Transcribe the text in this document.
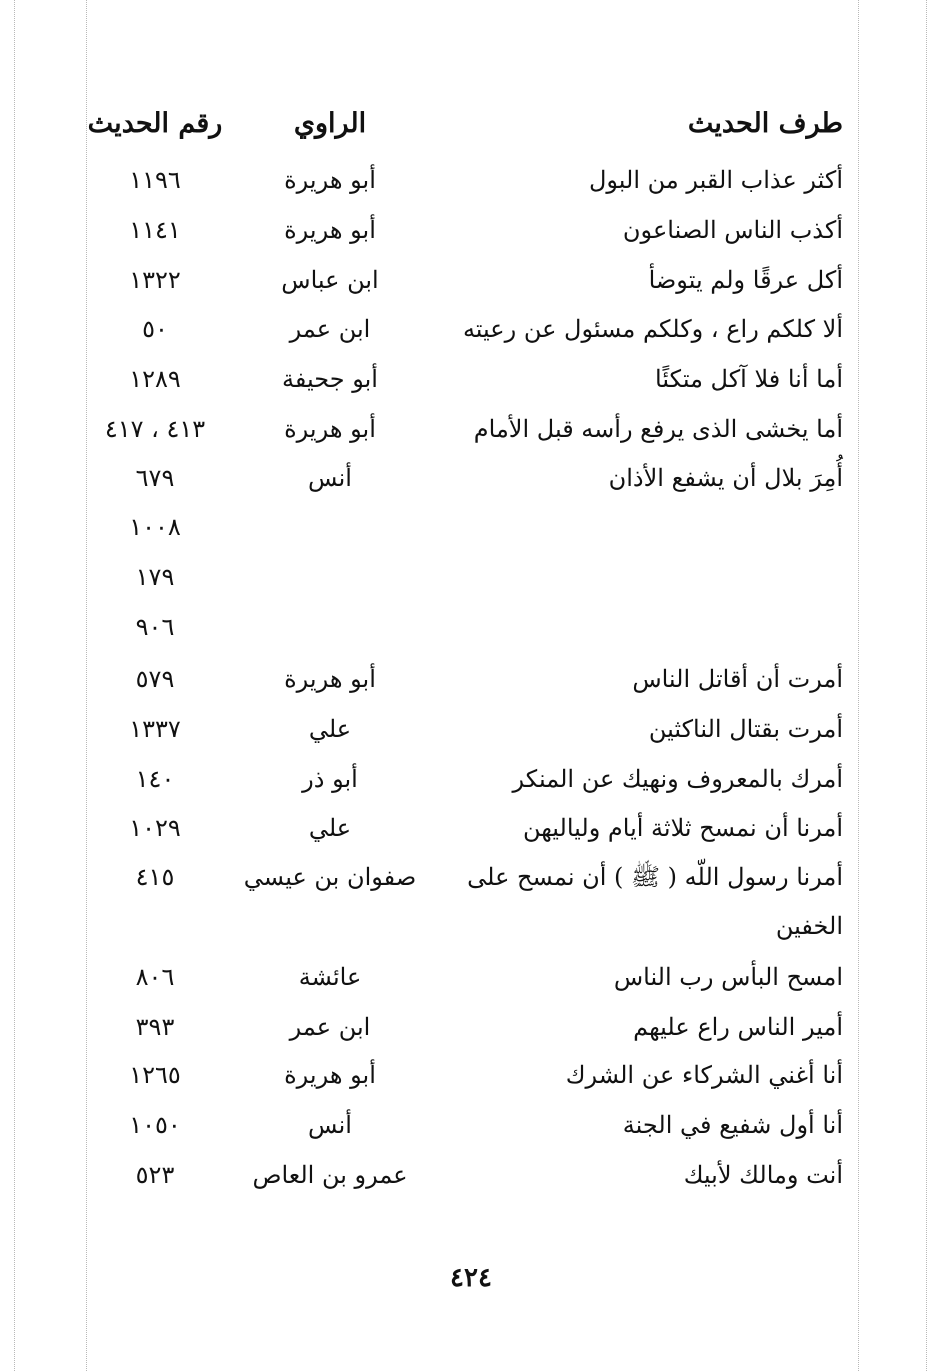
طرف الحديث
الراوي
رقم الحديث
أكثر عذاب القبر من البول
أبو هريرة
١١٩٦
أكذب الناس الصناعون
أبو هريرة
١١٤١
أكل عرقًا ولم يتوضأ
ابن عباس
١٣٢٢
ألا كلكم راع ، وكلكم مسئول عن رعيته
ابن عمر
٥٠
أما أنا فلا آكل متكئًا
أبو جحيفة
١٢٨٩
أما يخشى الذى يرفع رأسه قبل الأمام
أبو هريرة
٤١٣ ، ٤١٧
أُمِرَ بلال أن يشفع الأذان
أنس
٦٧٩
١٠٠٨
١٧٩
٩٠٦
أمرت أن أقاتل الناس
أبو هريرة
٥٧٩
أمرت بقتال الناكثين
علي
١٣٣٧
أمرك بالمعروف ونهيك عن المنكر
أبو ذر
١٤٠
أمرنا أن نمسح ثلاثة أيام ولياليهن
علي
١٠٢٩
أمرنا رسول اللّه ( ﷺ ) أن نمسح على
صفوان بن عيسي
٤١٥
الخفين
امسح البأس رب الناس
عائشة
٨٠٦
أمير الناس راع عليهم
ابن عمر
٣٩٣
أنا أغني الشركاء عن الشرك
أبو هريرة
١٢٦٥
أنا أول شفيع في الجنة
أنس
١٠٥٠
أنت ومالك لأبيك
عمرو بن العاص
٥٢٣
٤٢٤
